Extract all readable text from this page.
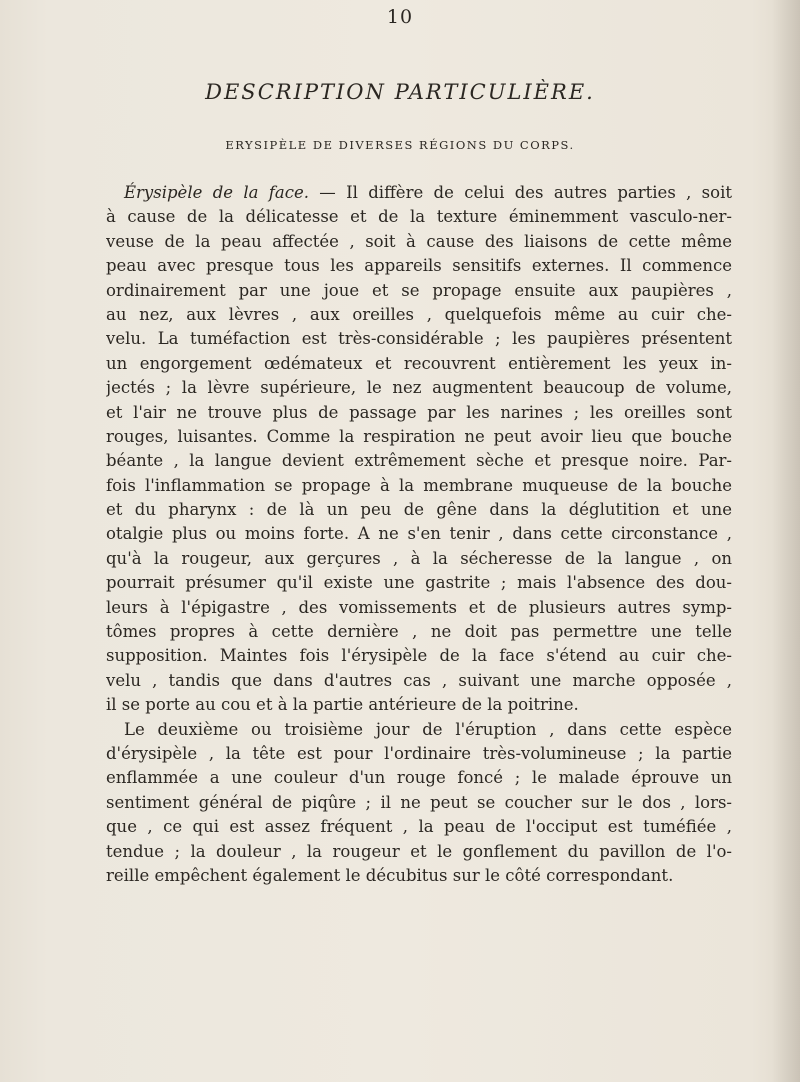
10
DESCRIPTION PARTICULIÈRE.
ERYSIPÈLE DE DIVERSES RÉGIONS DU CORPS.
Érysipèle de la face. — Il diffère de celui des autres parties , soit
à cause de la délicatesse et de la texture éminemment vasculo-ner-
veuse de la peau affectée , soit à cause des liaisons de cette même
peau avec presque tous les appareils sensitifs externes. Il commence
ordinairement par une joue et se propage ensuite aux paupières ,
au nez, aux lèvres , aux oreilles , quelquefois même au cuir che-
velu. La tuméfaction est très-considérable ; les paupières présentent
un engorgement œdémateux et recouvrent entièrement les yeux in-
jectés ; la lèvre supérieure, le nez augmentent beaucoup de volume,
et l'air ne trouve plus de passage par les narines ; les oreilles sont
rouges, luisantes. Comme la respiration ne peut avoir lieu que bouche
béante , la langue devient extrêmement sèche et presque noire. Par-
fois l'inflammation se propage à la membrane muqueuse de la bouche
et du pharynx : de là un peu de gêne dans la déglutition et une
otalgie plus ou moins forte. A ne s'en tenir , dans cette circonstance ,
qu'à la rougeur, aux gerçures , à la sécheresse de la langue , on
pourrait présumer qu'il existe une gastrite ; mais l'absence des dou-
leurs à l'épigastre , des vomissements et de plusieurs autres symp-
tômes propres à cette dernière , ne doit pas permettre une telle
supposition. Maintes fois l'érysipèle de la face s'étend au cuir che-
velu , tandis que dans d'autres cas , suivant une marche opposée ,
il se porte au cou et à la partie antérieure de la poitrine.
Le deuxième ou troisième jour de l'éruption , dans cette espèce
d'érysipèle , la tête est pour l'ordinaire très-volumineuse ; la partie
enflammée a une couleur d'un rouge foncé ; le malade éprouve un
sentiment général de piqûre ; il ne peut se coucher sur le dos , lors-
que , ce qui est assez fréquent , la peau de l'occiput est tuméfiée ,
tendue ; la douleur , la rougeur et le gonflement du pavillon de l'o-
reille empêchent également le décubitus sur le côté correspondant.
